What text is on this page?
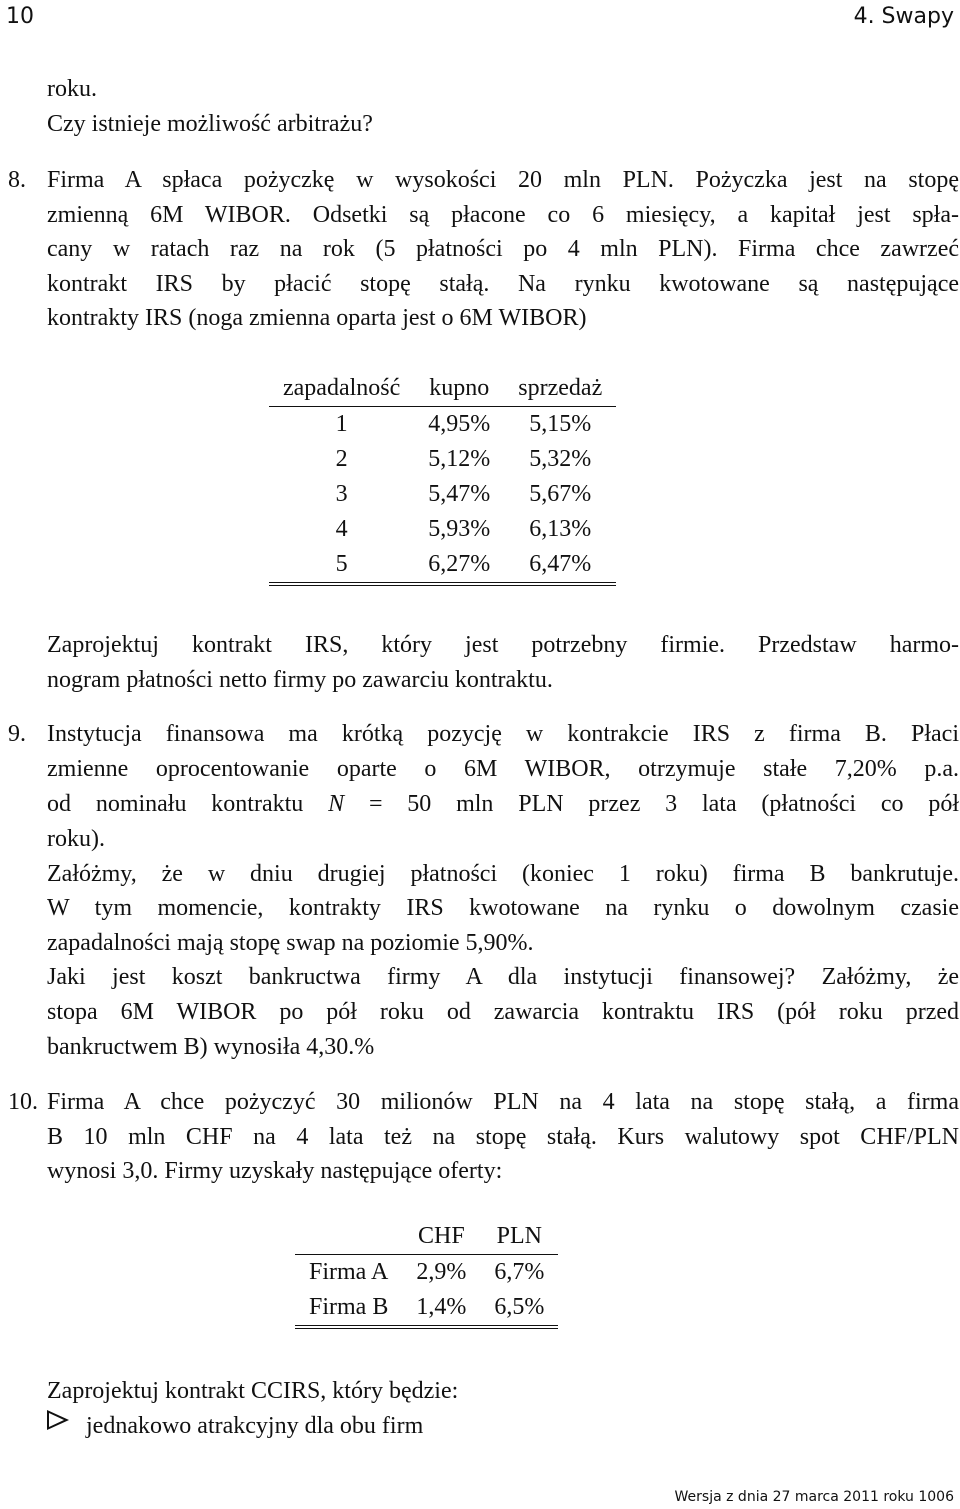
10	4. Swapy
roku.
Czy istnieje możliwość arbitrażu?
8. Firma A spłaca pożyczkę w wysokości 20 mln PLN. Pożyczka jest na stopę
zmienną 6M WIBOR. Odsetki są płacone co 6 miesięcy, a kapitał jest spła-
cany w ratach raz na rok (5 płatności po 4 mln PLN). Firma chce zawrzeć
kontrakt IRS by płacić stopę stałą. Na rynku kwotowane są następujące
kontrakty IRS (noga zmienna oparta jest o 6M WIBOR)
zapadalność	kupno	sprzedaż
1	4,95%	5,15%
2	5,12%	5,32%
3	5,47%	5,67%
4	5,93%	6,13%
5	6,27%	6,47%
Zaprojektuj kontrakt IRS, który jest potrzebny firmie. Przedstaw harmo-
nogram płatności netto firmy po zawarciu kontraktu.
9. Instytucja finansowa ma krótką pozycję w kontrakcie IRS z firma B. Płaci
zmienne oprocentowanie oparte o 6M WIBOR, otrzymuje stałe 7,20% p.a.
od nominału kontraktu N = 50 mln PLN przez 3 lata (płatności co pół
roku).
Załóżmy, że w dniu drugiej płatności (koniec 1 roku) firma B bankrutuje.
W tym momencie, kontrakty IRS kwotowane na rynku o dowolnym czasie
zapadalności mają stopę swap na poziomie 5,90%.
Jaki jest koszt bankructwa firmy A dla instytucji finansowej? Załóżmy, że
stopa 6M WIBOR po pół roku od zawarcia kontraktu IRS (pół roku przed
bankructwem B) wynosiła 4,30.%
10. Firma A chce pożyczyć 30 milionów PLN na 4 lata na stopę stałą, a firma
B 10 mln CHF na 4 lata też na stopę stałą. Kurs walutowy spot CHF/PLN
wynosi 3,0. Firmy uzyskały następujące oferty:
	CHF	PLN
Firma A	2,9%	6,7%
Firma B	1,4%	6,5%
Zaprojektuj kontrakt CCIRS, który będzie:
jednakowo atrakcyjny dla obu firm
Wersja z dnia 27 marca 2011 roku 1006
